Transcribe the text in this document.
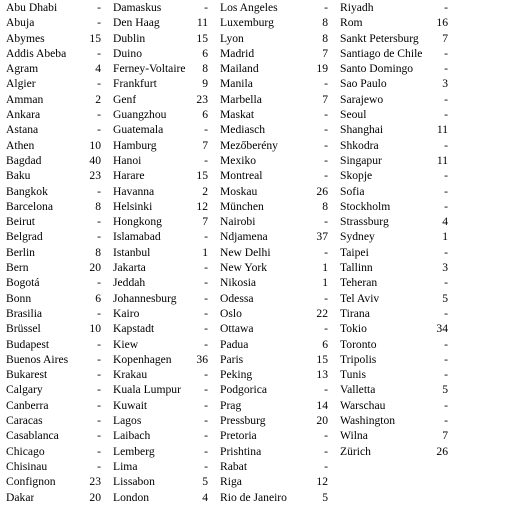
Abu Dhabi	-
Abuja	-
Abymes	15
Addis Abeba	-
Agram	4
Algier	-
Amman	2
Ankara	-
Astana	-
Athen	10
Bagdad	40
Baku	23
Bangkok	-
Barcelona	8
Beirut	-
Belgrad	-
Berlin	8
Bern	20
Bogotá	-
Bonn	6
Brasilia	-
Brüssel	10
Budapest	-
Buenos Aires	-
Bukarest	-
Calgary	-
Canberra	-
Caracas	-
Casablanca	-
Chicago	-
Chisinau	-
Confignon	23
Dakar	20
Damaskus	-
Den Haag	11
Dublin	15
Duino	6
Ferney-Voltaire	8
Frankfurt	9
Genf	23
Guangzhou	6
Guatemala	-
Hamburg	7
Hanoi	-
Harare	15
Havanna	2
Helsinki	12
Hongkong	7
Islamabad	-
Istanbul	1
Jakarta	-
Jeddah	-
Johannesburg	-
Kairo	-
Kapstadt	-
Kiew	-
Kopenhagen	36
Krakau	-
Kuala Lumpur	-
Kuwait	-
Lagos	-
Laibach	-
Lemberg	-
Lima	-
Lissabon	5
London	4
Los Angeles	-
Luxemburg	8
Lyon	8
Madrid	7
Mailand	19
Manila	-
Marbella	7
Maskat	-
Mediasch	-
Mezőberény	-
Mexiko	-
Montreal	-
Moskau	26
München	8
Nairobi	-
Ndjamena	37
New Delhi	-
New York	1
Nikosia	1
Odessa	-
Oslo	22
Ottawa	-
Padua	6
Paris	15
Peking	13
Podgorica	-
Prag	14
Pressburg	20
Pretoria	-
Prishtina	-
Rabat	-
Riga	12
Rio de Janeiro	5
Riyadh	-
Rom	16
Sankt Petersburg	7
Santiago de Chile	-
Santo Domingo	-
Sao Paulo	3
Sarajewo	-
Seoul	-
Shanghai	11
Shkodra	-
Singapur	11
Skopje	-
Sofia	-
Stockholm	-
Strassburg	4
Sydney	1
Taipei	-
Tallinn	3
Teheran	-
Tel Aviv	5
Tirana	-
Tokio	34
Toronto	-
Tripolis	-
Tunis	-
Valletta	5
Warschau	-
Washington	-
Wilna	7
Zürich	26
